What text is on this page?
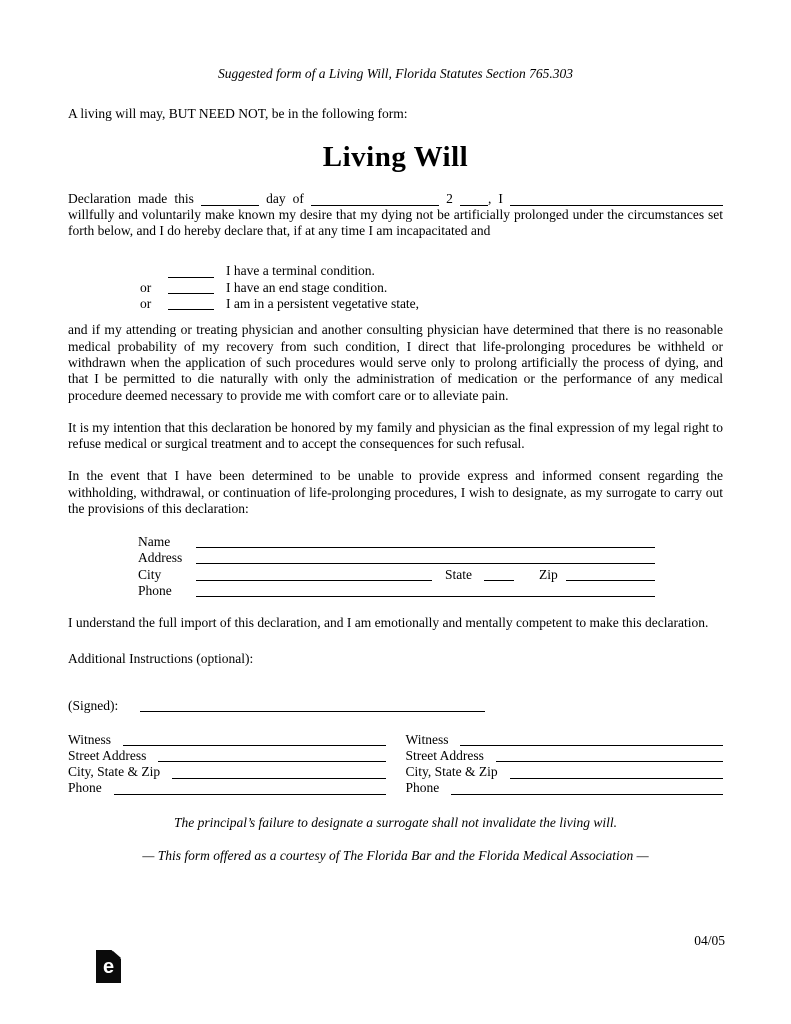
Suggested form of a Living Will, Florida Statutes Section 765.303

A living will may, BUT NEED NOT, be in the following form:

Living Will

Declaration made this	day of	2	, I  willfully and voluntarily make known my desire that my dying not be artificially prolonged under the circumstances set forth below, and I do hereby declare that, if at any time I am incapacitated and

I have a terminal condition.
or	I have an end stage condition.
or	I am in a persistent vegetative state,

and if my attending or treating physician and another consulting physician have determined that there is no reasonable medical probability of my recovery from such condition, I direct that life-prolonging procedures be withheld or withdrawn when the application of such procedures would serve only to prolong artificially the process of dying, and that I be permitted to die naturally with only the administration of medication or the performance of any medical procedure deemed necessary to provide me with comfort care or to alleviate pain.

It is my intention that this declaration be honored by my family and physician as the final expression of my legal right to refuse medical or surgical treatment and to accept the consequences for such refusal.

In the event that I have been determined to be unable to provide express and informed consent regarding the withholding, withdrawal, or continuation of life-prolonging procedures, I wish to designate, as my surrogate to carry out the provisions of this declaration:

Name
Address
City	State	Zip
Phone

I understand the full import of this declaration, and I am emotionally and mentally competent to make this declaration.

Additional Instructions (optional):

(Signed):
Witness
Street Address
City, State & Zip
Phone
Witness
Street Address
City, State & Zip
Phone

The principal’s failure to designate a surrogate shall not invalidate the living will.

— This form offered as a courtesy of The Florida Bar and the Florida Medical Association —

04/05
e
